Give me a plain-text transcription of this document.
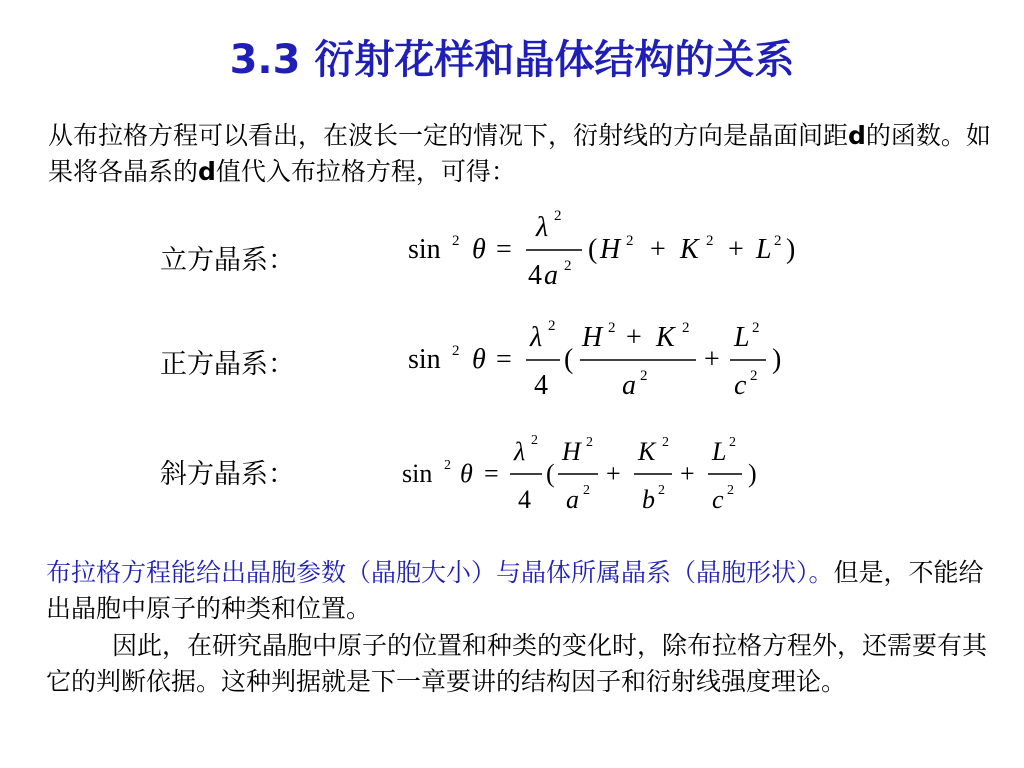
3.3 衍射花样和晶体结构的关系
从布拉格方程可以看出，在波长一定的情况下，衍射线的方向是晶面间距d的函数。如果将各晶系的d值代入布拉格方程，可得：
立方晶系：	sin 2 θ =
λ 2
4 a 2
( H 2 + K 2 + L 2 )
正方晶系：	sin 2 θ =
λ 2
4
(
H 2 + K 2
a 2
+
L 2
c 2
)
斜方晶系：	sin 2 θ =
λ 2
4
(
H 2
a 2
+
K 2
b 2
+
L 2
c 2
)
布拉格方程能给出晶胞参数（晶胞大小）与晶体所属晶系（晶胞形状）。但是，不能给出晶胞中原子的种类和位置。
因此，在研究晶胞中原子的位置和种类的变化时，除布拉格方程外，还需要有其它的判断依据。这种判据就是下一章要讲的结构因子和衍射线强度理论。
